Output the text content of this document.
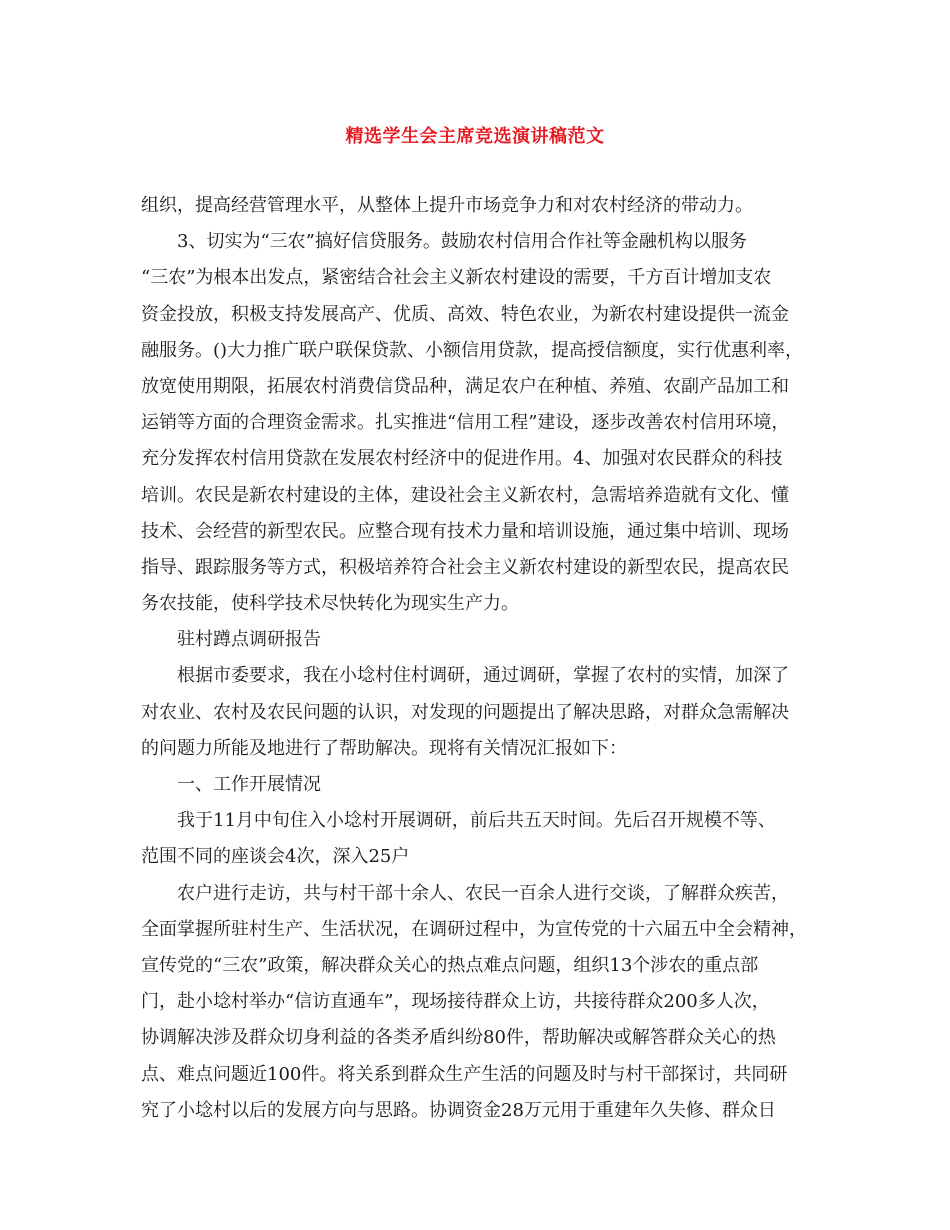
精选学生会主席竞选演讲稿范文
组织，提高经营管理水平，从整体上提升市场竞争力和对农村经济的带动力。
3、切实为“三农”搞好信贷服务。鼓励农村信用合作社等金融机构以服务
“三农”为根本出发点，紧密结合社会主义新农村建设的需要，千方百计增加支农
资金投放，积极支持发展高产、优质、高效、特色农业，为新农村建设提供一流金
融服务。()大力推广联户联保贷款、小额信用贷款，提高授信额度，实行优惠利率，
放宽使用期限，拓展农村消费信贷品种，满足农户在种植、养殖、农副产品加工和
运销等方面的合理资金需求。扎实推进“信用工程”建设，逐步改善农村信用环境，
充分发挥农村信用贷款在发展农村经济中的促进作用。4、加强对农民群众的科技
培训。农民是新农村建设的主体，建设社会主义新农村，急需培养造就有文化、懂
技术、会经营的新型农民。应整合现有技术力量和培训设施，通过集中培训、现场
指导、跟踪服务等方式，积极培养符合社会主义新农村建设的新型农民，提高农民
务农技能，使科学技术尽快转化为现实生产力。
驻村蹲点调研报告
根据市委要求，我在小埝村住村调研，通过调研，掌握了农村的实情，加深了
对农业、农村及农民问题的认识，对发现的问题提出了解决思路，对群众急需解决
的问题力所能及地进行了帮助解决。现将有关情况汇报如下：
一、工作开展情况
我于11月中旬住入小埝村开展调研，前后共五天时间。先后召开规模不等、
范围不同的座谈会4次，深入25户
农户进行走访，共与村干部十余人、农民一百余人进行交谈，了解群众疾苦，
全面掌握所驻村生产、生活状况，在调研过程中，为宣传党的十六届五中全会精神，
宣传党的“三农”政策，解决群众关心的热点难点问题，组织13个涉农的重点部
门，赴小埝村举办“信访直通车”，现场接待群众上访，共接待群众200多人次，
协调解决涉及群众切身利益的各类矛盾纠纷80件，帮助解决或解答群众关心的热
点、难点问题近100件。将关系到群众生产生活的问题及时与村干部探讨，共同研
究了小埝村以后的发展方向与思路。协调资金28万元用于重建年久失修、群众日
